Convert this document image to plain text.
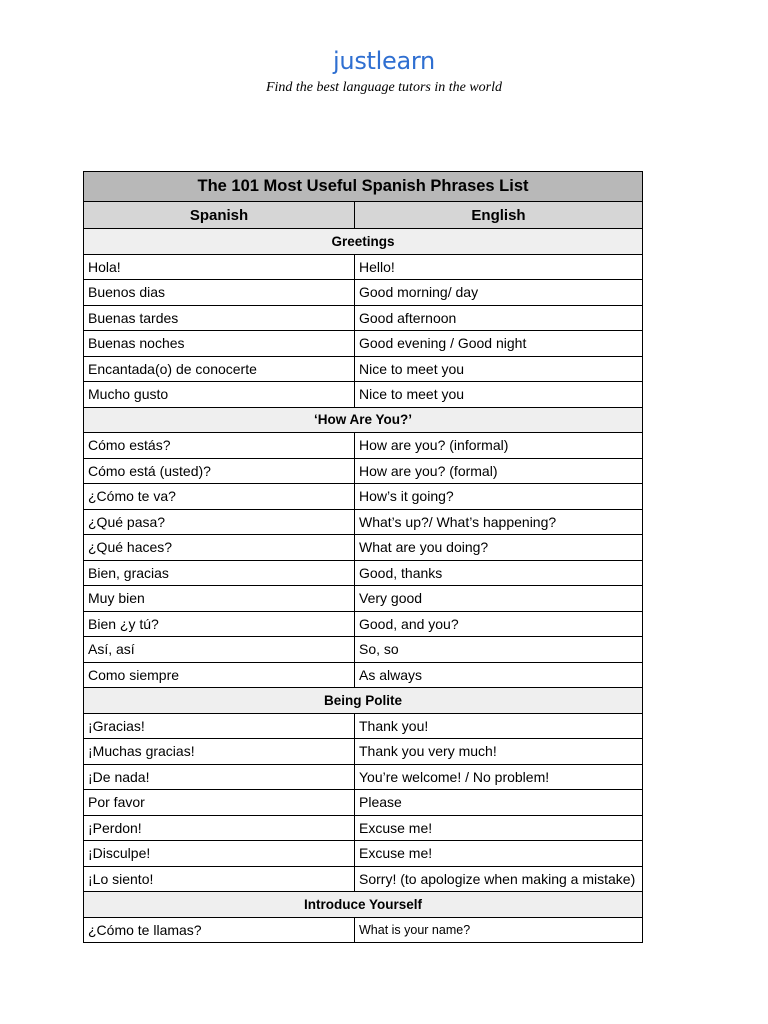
justlearn
Find the best language tutors in the world
The 101 Most Useful Spanish Phrases List	
Spanish	English
Greetings	
Hola!	Hello!
Buenos dias	Good morning/ day
Buenas tardes	Good afternoon
Buenas noches	Good evening / Good night
Encantada(o) de conocerte	Nice to meet you
Mucho gusto	Nice to meet you
‘How Are You?’	
Cómo estás?	How are you? (informal)
Cómo está (usted)?	How are you? (formal)
¿Cómo te va?	How’s it going?
¿Qué pasa?	What’s up?/ What’s happening?
¿Qué haces?	What are you doing?
Bien, gracias	Good, thanks
Muy bien	Very good
Bien ¿y tú?	Good, and you?
Así, así	So, so
Como siempre	As always
Being Polite	
¡Gracias!	Thank you!
¡Muchas gracias!	Thank you very much!
¡De nada!	You’re welcome! / No problem!
Por favor	Please
¡Perdon!	Excuse me!
¡Disculpe!	Excuse me!
¡Lo siento!	Sorry! (to apologize when making a mistake)
Introduce Yourself	
¿Cómo te llamas?	What is your name?
